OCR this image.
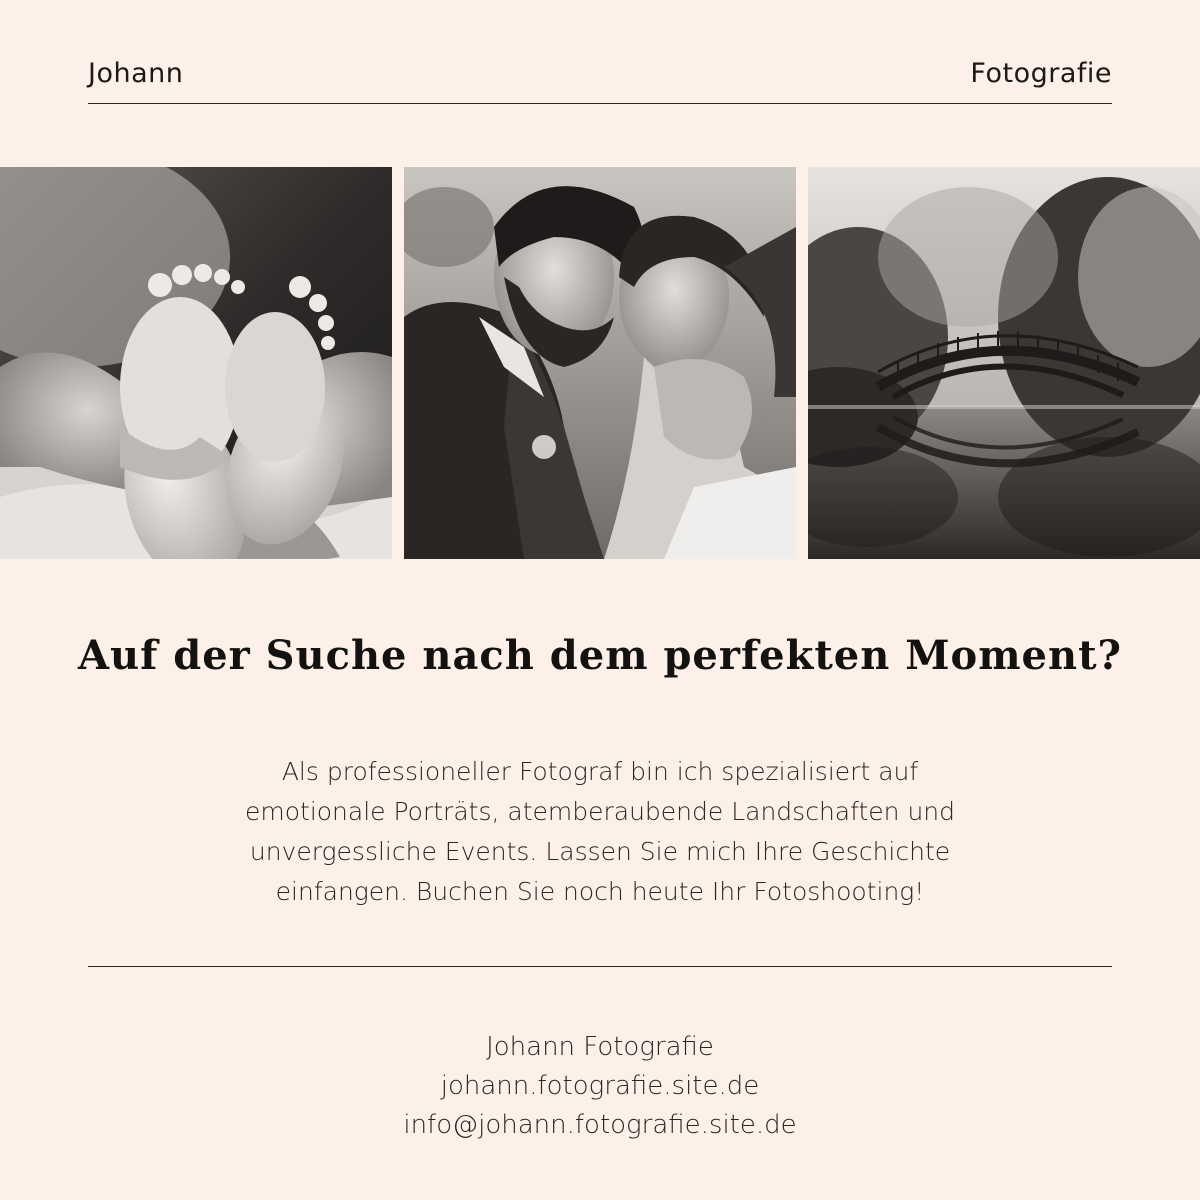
Johann	Fotografie
Auf der Suche nach dem perfekten Moment?
Als professioneller Fotograf bin ich spezialisiert auf
emotionale Porträts, atemberaubende Landschaften und
unvergessliche Events. Lassen Sie mich Ihre Geschichte
einfangen. Buchen Sie noch heute Ihr Fotoshooting!
Johann Fotografie
johann.fotografie.site.de
info@johann.fotografie.site.de
